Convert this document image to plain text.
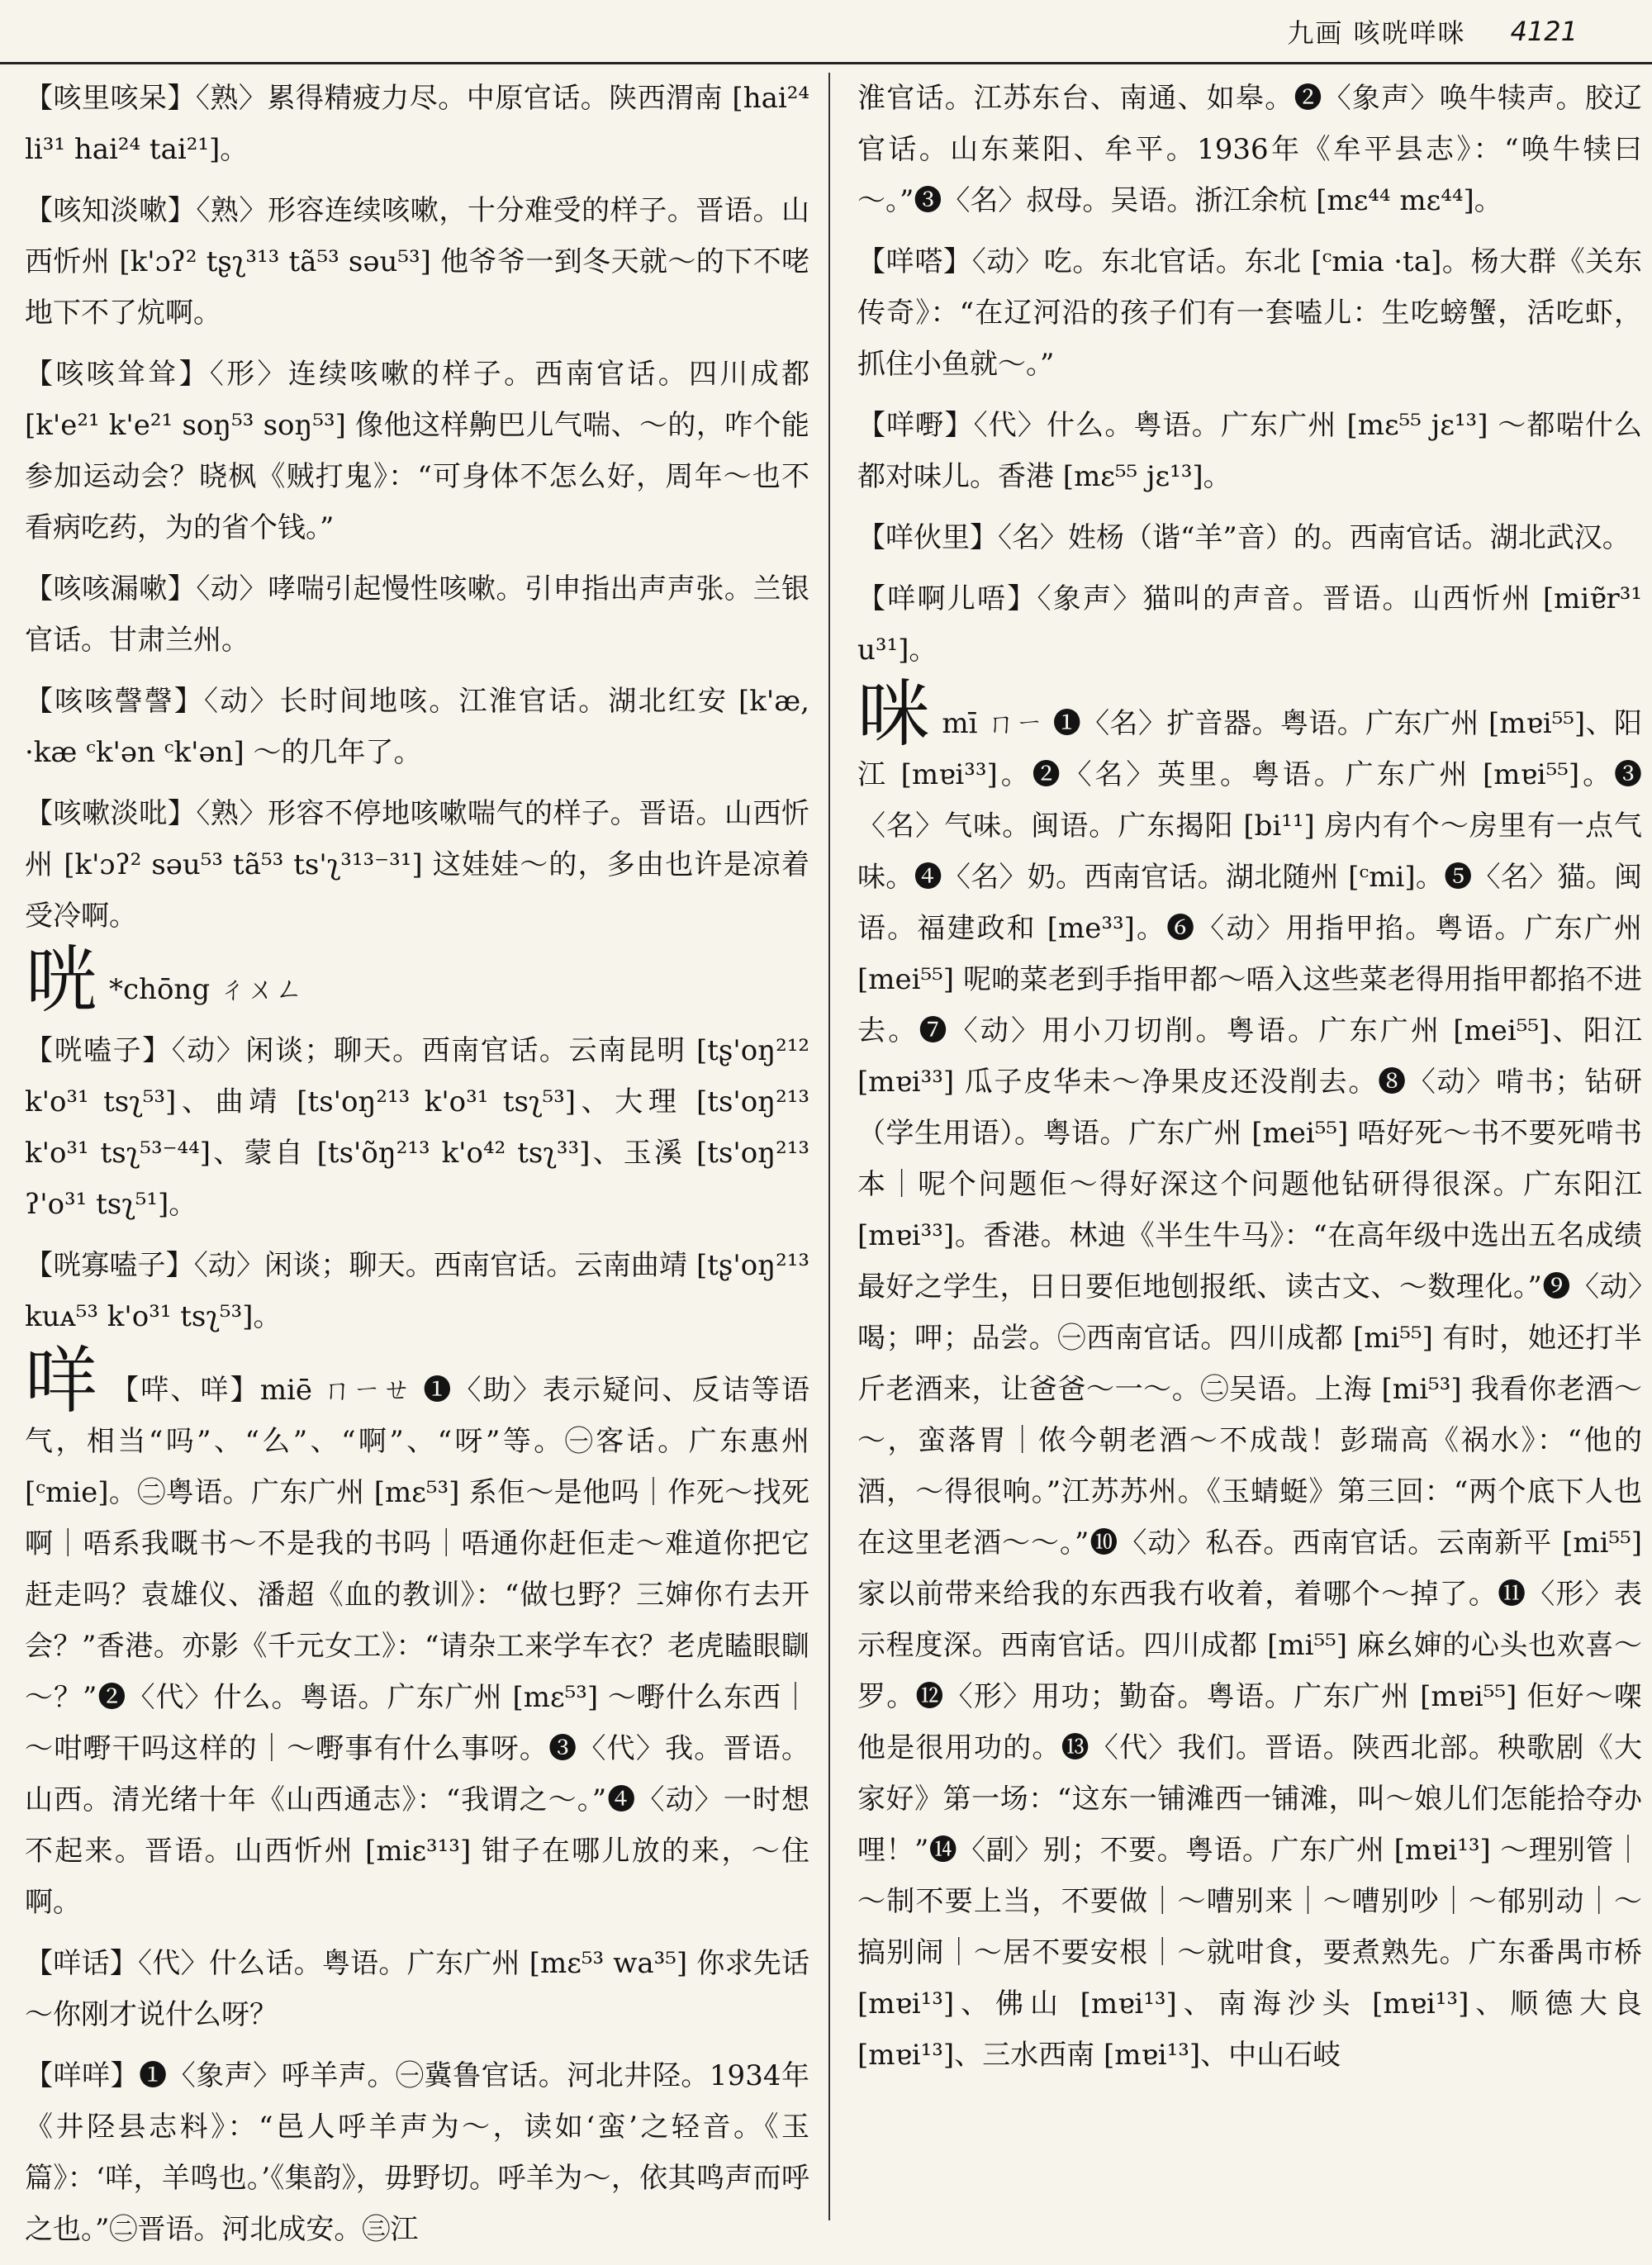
九画 咳咣咩咪 4121

【咳里咳呆】〈熟〉累得精疲力尽。中原官话。陕西渭南 [hai²⁴ li³¹ hai²⁴ tai²¹]。

【咳知淡嗽】〈熟〉形容连续咳嗽，十分难受的样子。晋语。山西忻州 [k'ɔʔ² tʂʅ³¹³ tã⁵³ səu⁵³] 他爷爷一到冬天就～的下不咾地下不了炕啊。

【咳咳耸耸】〈形〉连续咳嗽的样子。西南官话。四川成都 [k'e²¹ k'e²¹ soŋ⁵³ soŋ⁵³] 像他这样齁巴儿气喘、～的，咋个能参加运动会？晓枫《贼打鬼》：“可身体不怎么好，周年～也不看病吃药，为的省个钱。”

【咳咳漏嗽】〈动〉哮喘引起慢性咳嗽。引申指出声声张。兰银官话。甘肃兰州。

【咳咳謦謦】〈动〉长时间地咳。江淮官话。湖北红安 [k'æ, ·kæ ᶜk'ən ᶜk'ən] ～的几年了。

【咳嗽淡吡】〈熟〉形容不停地咳嗽喘气的样子。晋语。山西忻州 [k'ɔʔ² səu⁵³ tã⁵³ ts'ʅ³¹³⁻³¹] 这娃娃～的，多由也许是凉着受冷啊。

咣 *chōng ㄔㄨㄥ

【咣嗑子】〈动〉闲谈；聊天。西南官话。云南昆明 [tʂ'oŋ²¹² k'o³¹ tsʅ⁵³]、曲靖 [ts'oŋ²¹³ k'o³¹ tsʅ⁵³]、大理 [ts'oŋ²¹³ k'o³¹ tsʅ⁵³⁻⁴⁴]、蒙自 [ts'õŋ²¹³ k'o⁴² tsʅ³³]、玉溪 [ts'oŋ²¹³ ʔ'o³¹ tsʅ⁵¹]。

【咣寡嗑子】〈动〉闲谈；聊天。西南官话。云南曲靖 [tʂ'oŋ²¹³ kuᴀ⁵³ k'o³¹ tsʅ⁵³]。

咩 【哶、咩】miē ㄇㄧㄝ ❶〈助〉表示疑问、反诘等语气，相当“吗”、“么”、“啊”、“呀”等。㊀客话。广东惠州 [ᶜmie]。㊁粤语。广东广州 [mɛ⁵³] 系佢～是他吗｜作死～找死啊｜唔系我嘅书～不是我的书吗｜唔通你赶佢走～难道你把它赶走吗？袁雄仪、潘超《血的教训》：“做乜野？三婶你冇去开会？”香港。亦影《千元女工》：“请杂工来学车衣？老虎瞌眼瞓～？”❷〈代〉什么。粤语。广东广州 [mɛ⁵³] ～嘢什么东西｜～咁嘢干吗这样的｜～嘢事有什么事呀。❸〈代〉我。晋语。山西。清光绪十年《山西通志》：“我谓之～。”❹〈动〉一时想不起来。晋语。山西忻州 [miɛ³¹³] 钳子在哪儿放的来，～住啊。

【咩话】〈代〉什么话。粤语。广东广州 [mɛ⁵³ wa³⁵] 你求先话～你刚才说什么呀？

【咩咩】❶〈象声〉呼羊声。㊀冀鲁官话。河北井陉。1934年《井陉县志料》：“邑人呼羊声为～，读如‘蛮’之轻音。《玉篇》：‘咩，羊鸣也。’《集韵》，毋野切。呼羊为～，依其鸣声而呼之也。”㊁晋语。河北成安。㊂江

淮官话。江苏东台、南通、如皋。❷〈象声〉唤牛犊声。胶辽官话。山东莱阳、牟平。1936年《牟平县志》：“唤牛犊曰～。”❸〈名〉叔母。吴语。浙江余杭 [mɛ⁴⁴ mɛ⁴⁴]。

【咩嗒】〈动〉吃。东北官话。东北 [ᶜmia ·ta]。杨大群《关东传奇》：“在辽河沿的孩子们有一套嗑儿：生吃螃蟹，活吃虾，抓住小鱼就～。”

【咩嘢】〈代〉什么。粤语。广东广州 [mɛ⁵⁵ jɛ¹³] ～都啱什么都对味儿。香港 [mɛ⁵⁵ jɛ¹³]。

【咩伙里】〈名〉姓杨（谐“羊”音）的。西南官话。湖北武汉。

【咩啊儿唔】〈象声〉猫叫的声音。晋语。山西忻州 [miɐ̃r³¹ u³¹]。

咪mī ㄇㄧ ❶〈名〉扩音器。粤语。广东广州 [mɐi⁵⁵]、阳江 [mɐi³³]。❷〈名〉英里。粤语。广东广州 [mɐi⁵⁵]。❸〈名〉气味。闽语。广东揭阳 [bi¹¹] 房内有个～房里有一点气味。❹〈名〉奶。西南官话。湖北随州 [ᶜmi]。❺〈名〉猫。闽语。福建政和 [me³³]。❻〈动〉用指甲掐。粤语。广东广州 [mei⁵⁵] 呢啲菜老到手指甲都～唔入这些菜老得用指甲都掐不进去。❼〈动〉用小刀切削。粤语。广东广州 [mei⁵⁵]、阳江 [mɐi³³] 瓜子皮华未～净果皮还没削去。❽〈动〉啃书；钻研（学生用语）。粤语。广东广州 [mei⁵⁵] 唔好死～书不要死啃书本｜呢个问题佢～得好深这个问题他钻研得很深。广东阳江 [mɐi³³]。香港。林迪《半生牛马》：“在高年级中选出五名成绩最好之学生，日日要佢地刨报纸、读古文、～数理化。”❾〈动〉喝；呷；品尝。㊀西南官话。四川成都 [mi⁵⁵] 有时，她还打半斤老酒来，让爸爸～一～。㊁吴语。上海 [mi⁵³] 我看你老酒～～，蛮落胃｜侬今朝老酒～不成哉！彭瑞高《祸水》：“他的酒，～得很响。”江苏苏州。《玉蜻蜓》第三回：“两个底下人也在这里老酒～～。”❿〈动〉私吞。西南官话。云南新平 [mi⁵⁵] 家以前带来给我的东西我冇收着，着哪个～掉了。⓫〈形〉表示程度深。西南官话。四川成都 [mi⁵⁵] 麻幺婶的心头也欢喜～罗。⓬〈形〉用功；勤奋。粤语。广东广州 [mɐi⁵⁵] 佢好～㗎他是很用功的。⓭〈代〉我们。晋语。陕西北部。秧歌剧《大家好》第一场：“这东一铺滩西一铺滩，叫～娘儿们怎能拾夺办哩！”⓮〈副〉别；不要。粤语。广东广州 [mɐi¹³] ～理别管｜～制不要上当，不要做｜～嘈别来｜～嘈别吵｜～郁别动｜～搞别闹｜～居不要安根｜～就咁食，要煮熟先。广东番禺市桥 [mɐi¹³]、佛山 [mɐi¹³]、南海沙头 [mɐi¹³]、顺德大良 [mɐi¹³]、三水西南 [mɐi¹³]、中山石岐
